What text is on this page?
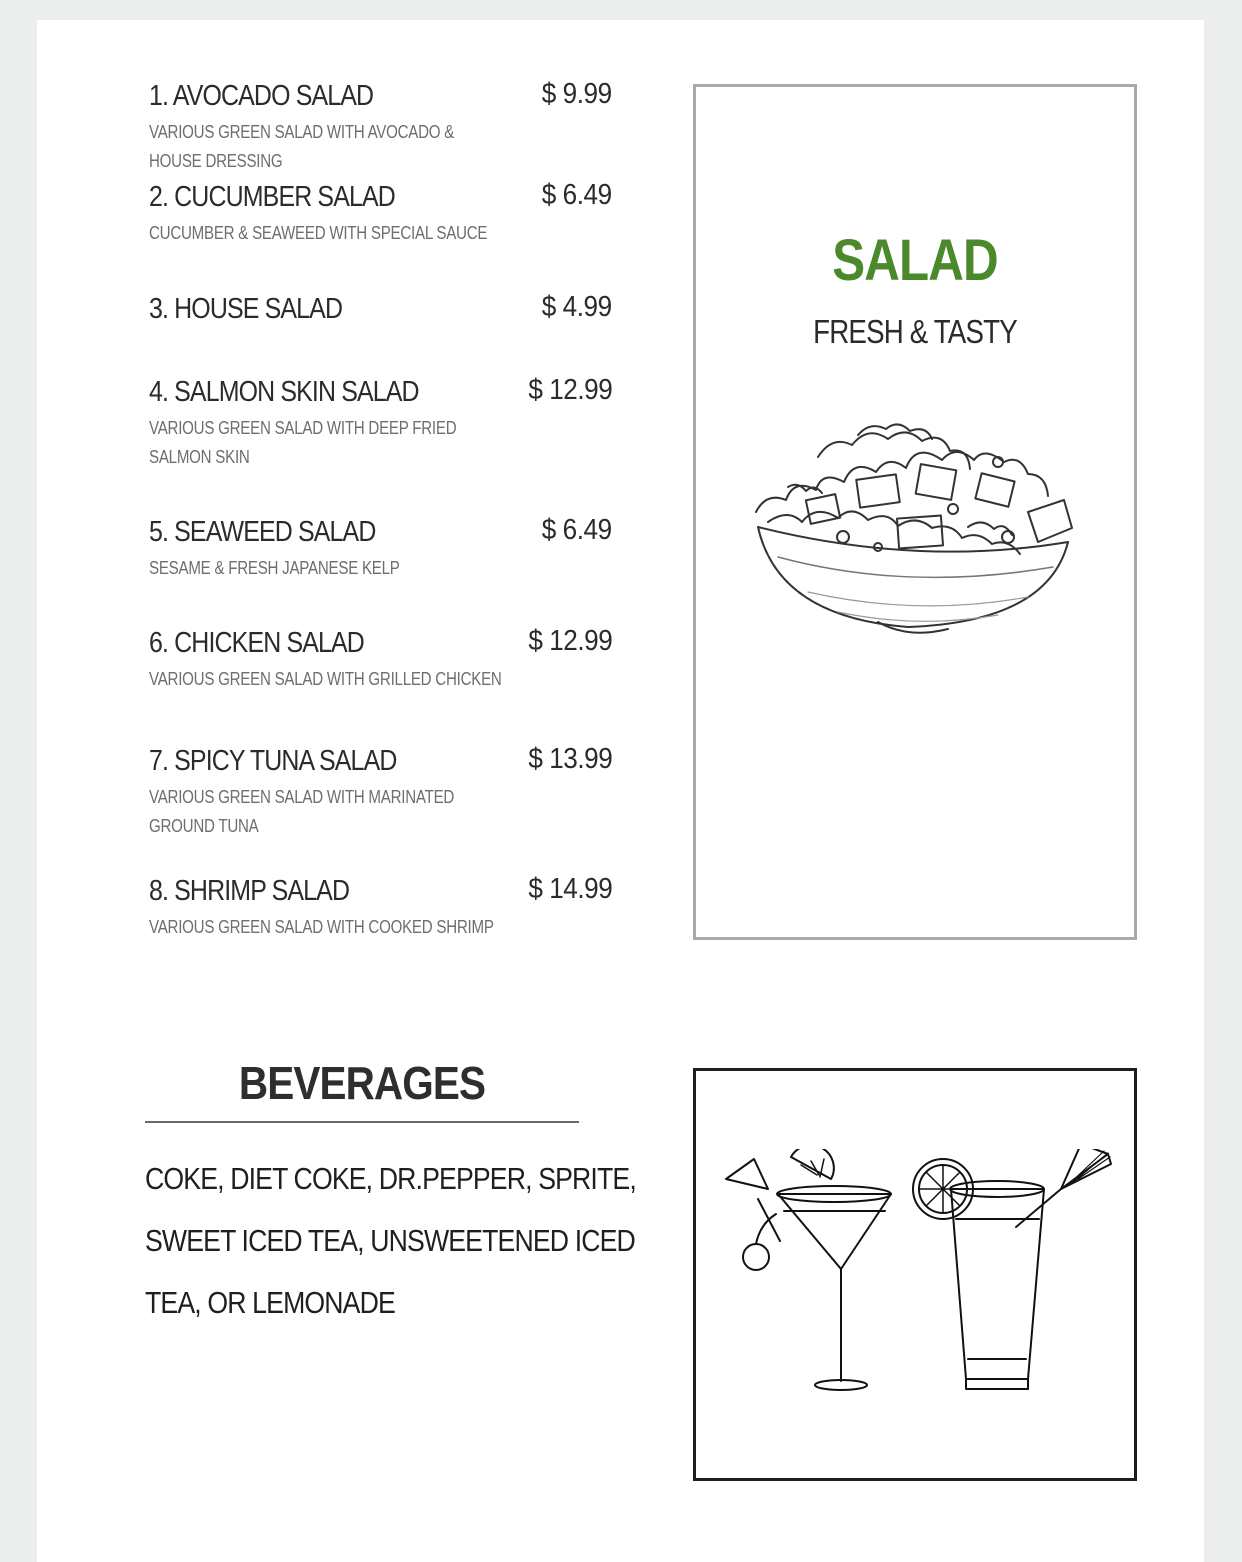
1. AVOCADO SALAD	$ 9.99
VARIOUS GREEN SALAD WITH AVOCADO & HOUSE DRESSING
2. CUCUMBER SALAD	$ 6.49
CUCUMBER & SEAWEED WITH SPECIAL SAUCE
3. HOUSE SALAD	$ 4.99
4. SALMON SKIN SALAD	$ 12.99
VARIOUS GREEN SALAD WITH DEEP FRIED SALMON SKIN
5. SEAWEED SALAD	$ 6.49
SESAME & FRESH JAPANESE KELP
6. CHICKEN SALAD	$ 12.99
VARIOUS GREEN SALAD WITH GRILLED CHICKEN
7. SPICY TUNA SALAD	$ 13.99
VARIOUS GREEN SALAD WITH MARINATED GROUND TUNA
8. SHRIMP SALAD	$ 14.99
VARIOUS GREEN SALAD WITH COOKED SHRIMP
SALAD
FRESH & TASTY
BEVERAGES
COKE, DIET COKE, DR.PEPPER, SPRITE, SWEET ICED TEA, UNSWEETENED ICED TEA, OR LEMONADE
